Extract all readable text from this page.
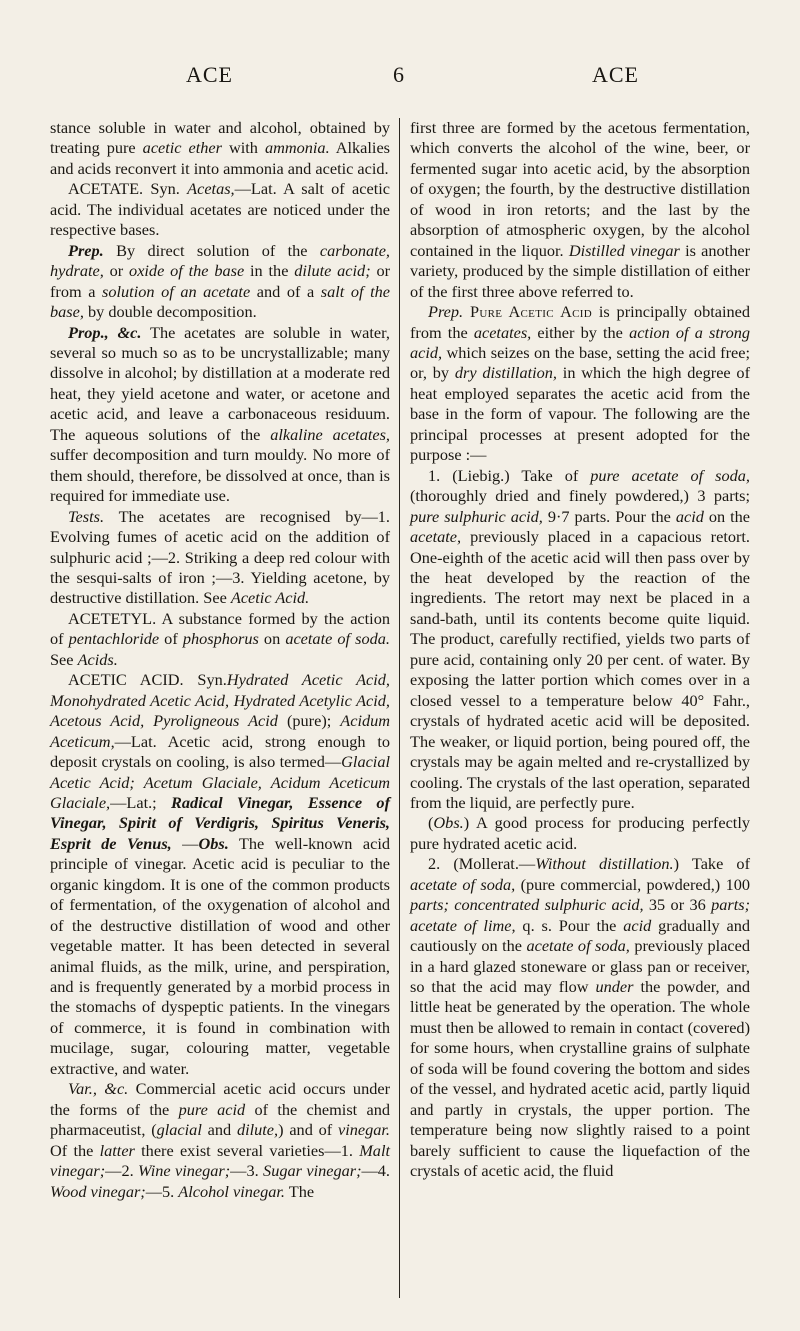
ACE	6	ACE

stance soluble in water and alcohol, obtained by treating pure acetic ether with ammonia. Alkalies and acids reconvert it into ammonia and acetic acid.

ACETATE. Syn. Acetas,—Lat. A salt of acetic acid. The individual acetates are noticed under the respective bases.

Prep. By direct solution of the carbonate, hydrate, or oxide of the base in the dilute acid; or from a solution of an acetate and of a salt of the base, by double decomposition.

Prop., &c. The acetates are soluble in water, several so much so as to be uncrystallizable; many dissolve in alcohol; by distillation at a moderate red heat, they yield acetone and water, or acetone and acetic acid, and leave a carbonaceous residuum. The aqueous solutions of the alkaline acetates, suffer decomposition and turn mouldy. No more of them should, therefore, be dissolved at once, than is required for immediate use.

Tests. The acetates are recognised by—1. Evolving fumes of acetic acid on the addition of sulphuric acid ;—2. Striking a deep red colour with the sesqui-salts of iron ;—3. Yielding acetone, by destructive distillation. See Acetic Acid.

ACETETYL. A substance formed by the action of pentachloride of phosphorus on acetate of soda. See Acids.

ACETIC ACID. Syn.Hydrated Acetic Acid, Monohydrated Acetic Acid, Hydrated Acetylic Acid, Acetous Acid, Pyroligneous Acid (pure); Acidum Aceticum,—Lat. Acetic acid, strong enough to deposit crystals on cooling, is also termed—Glacial Acetic Acid; Acetum Glaciale, Acidum Aceticum Glaciale,—Lat.; Radical Vinegar, Essence of Vinegar, Spirit of Verdigris, Spiritus Veneris, Esprit de Venus, —Obs. The well-known acid principle of vinegar. Acetic acid is peculiar to the organic kingdom. It is one of the common products of fermentation, of the oxygenation of alcohol and of the destructive distillation of wood and other vegetable matter. It has been detected in several animal fluids, as the milk, urine, and perspiration, and is frequently generated by a morbid process in the stomachs of dyspeptic patients. In the vinegars of commerce, it is found in combination with mucilage, sugar, colouring matter, vegetable extractive, and water.

Var., &c. Commercial acetic acid occurs under the forms of the pure acid of the chemist and pharmaceutist, (glacial and dilute,) and of vinegar. Of the latter there exist several varieties—1. Malt vinegar;—2. Wine vinegar;—3. Sugar vinegar;—4. Wood vinegar;—5. Alcohol vinegar. The

first three are formed by the acetous fermentation, which converts the alcohol of the wine, beer, or fermented sugar into acetic acid, by the absorption of oxygen; the fourth, by the destructive distillation of wood in iron retorts; and the last by the absorption of atmospheric oxygen, by the alcohol contained in the liquor. Distilled vinegar is another variety, produced by the simple distillation of either of the first three above referred to.

Prep. Pure Acetic Acid is principally obtained from the acetates, either by the action of a strong acid, which seizes on the base, setting the acid free; or, by dry distillation, in which the high degree of heat employed separates the acetic acid from the base in the form of vapour. The following are the principal processes at present adopted for the purpose :—

1. (Liebig.) Take of pure acetate of soda, (thoroughly dried and finely powdered,) 3 parts; pure sulphuric acid, 9·7 parts. Pour the acid on the acetate, previously placed in a capacious retort. One-eighth of the acetic acid will then pass over by the heat developed by the reaction of the ingredients. The retort may next be placed in a sand-bath, until its contents become quite liquid. The product, carefully rectified, yields two parts of pure acid, containing only 20 per cent. of water. By exposing the latter portion which comes over in a closed vessel to a temperature below 40° Fahr., crystals of hydrated acetic acid will be deposited. The weaker, or liquid portion, being poured off, the crystals may be again melted and re-crystallized by cooling. The crystals of the last operation, separated from the liquid, are perfectly pure.

(Obs.) A good process for producing perfectly pure hydrated acetic acid.

2. (Mollerat.—Without distillation.) Take of acetate of soda, (pure commercial, powdered,) 100 parts; concentrated sulphuric acid, 35 or 36 parts; acetate of lime, q. s. Pour the acid gradually and cautiously on the acetate of soda, previously placed in a hard glazed stoneware or glass pan or receiver, so that the acid may flow under the powder, and little heat be generated by the operation. The whole must then be allowed to remain in contact (covered) for some hours, when crystalline grains of sulphate of soda will be found covering the bottom and sides of the vessel, and hydrated acetic acid, partly liquid and partly in crystals, the upper portion. The temperature being now slightly raised to a point barely sufficient to cause the liquefaction of the crystals of acetic acid, the fluid
